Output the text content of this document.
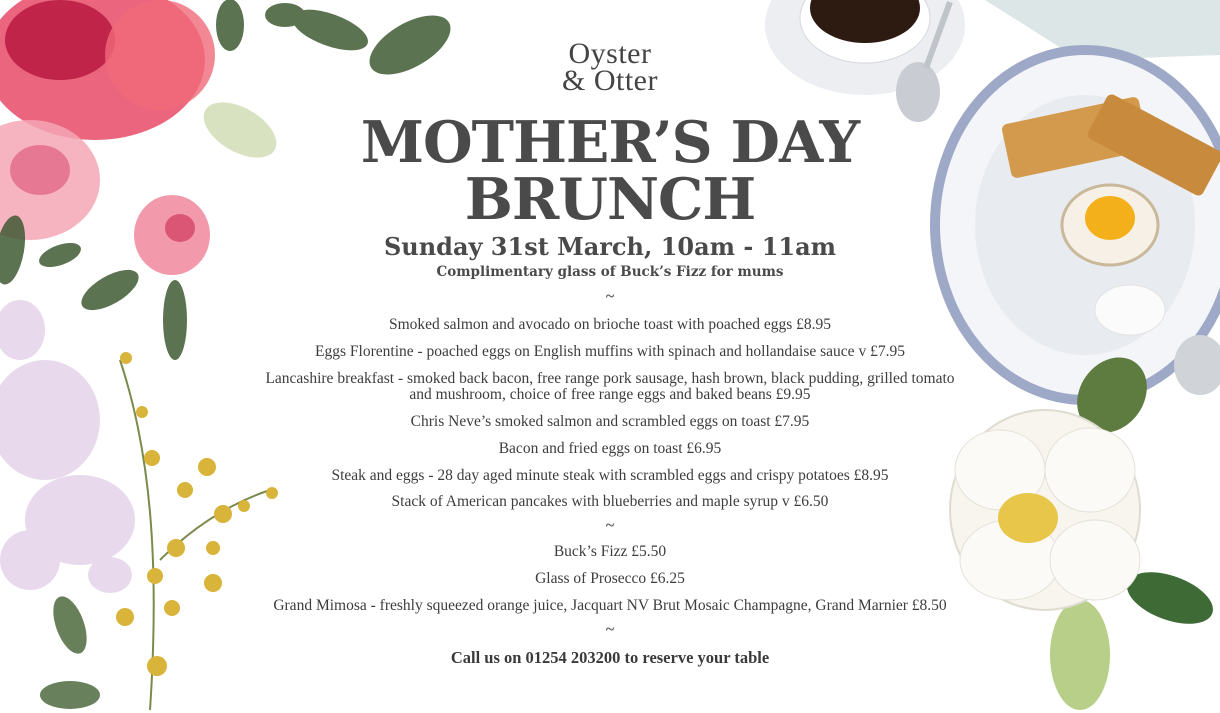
Oyster
& Otter
MOTHER’S DAY
BRUNCH
Sunday 31st March, 10am - 11am
Complimentary glass of Buck’s Fizz for mums
~
Smoked salmon and avocado on brioche toast with poached eggs £8.95
Eggs Florentine - poached eggs on English muffins with spinach and hollandaise sauce v £7.95
Lancashire breakfast - smoked back bacon, free range pork sausage, hash brown, black pudding, grilled tomato
and mushroom, choice of free range eggs and baked beans £9.95
Chris Neve’s smoked salmon and scrambled eggs on toast £7.95
Bacon and fried eggs on toast £6.95
Steak and eggs - 28 day aged minute steak with scrambled eggs and crispy potatoes £8.95
Stack of American pancakes with blueberries and maple syrup v £6.50
~
Buck’s Fizz £5.50
Glass of Prosecco £6.25
Grand Mimosa - freshly squeezed orange juice, Jacquart NV Brut Mosaic Champagne, Grand Marnier £8.50
~
Call us on 01254 203200 to reserve your table
